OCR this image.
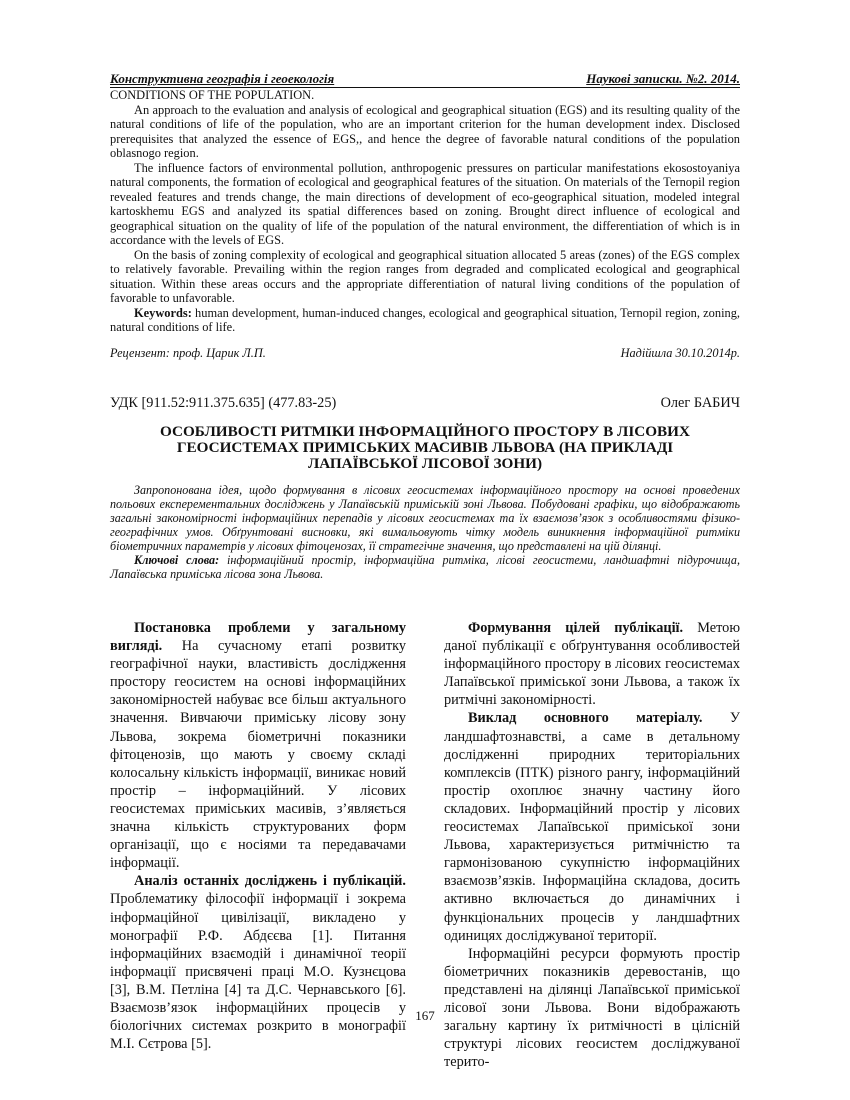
Конструктивна географія і геоекологія	Наукові записки. №2. 2014.

CONDITIONS OF THE POPULATION.

An approach to the evaluation and analysis of ecological and geographical situation (EGS) and its resulting quality of the natural conditions of life of the population, who are an important criterion for the human development index. Disclosed prerequisites that analyzed the essence of EGS,, and hence the degree of favorable natural conditions of the population oblasnogo region.

The influence factors of environmental pollution, anthropogenic pressures on particular manifestations ekosostoyaniya natural components, the formation of ecological and geographical features of the situation. On materials of the Ternopil region revealed features and trends change, the main directions of development of eco-geographical situation, modeled integral kartoskhemu EGS and analyzed its spatial differences based on zoning. Brought direct influence of ecological and geographical situation on the quality of life of the population of the natural environment, the differentiation of which is in accordance with the levels of EGS.

On the basis of zoning complexity of ecological and geographical situation allocated 5 areas (zones) of the EGS complex to relatively favorable. Prevailing within the region ranges from degraded and complicated ecological and geographical situation. Within these areas occurs and the appropriate differentiation of natural living conditions of the population of favorable to unfavorable.

Keywords: human development, human-induced changes, ecological and geographical situation, Ternopil region, zoning, natural conditions of life.

Рецензент: проф. Царик Л.П.	Надійшла 30.10.2014р.
УДК [911.52:911.375.635] (477.83-25)	Олег БАБИЧ
ОСОБЛИВОСТІ РИТМІКИ ІНФОРМАЦІЙНОГО ПРОСТОРУ В ЛІСОВИХ ГЕОСИСТЕМАХ ПРИМІСЬКИХ МАСИВІВ ЛЬВОВА (НА ПРИКЛАДІ ЛАПАЇВСЬКОЇ ЛІСОВОЇ ЗОНИ)

Запропонована ідея, щодо формування в лісових геосистемах інформаційного простору на основі проведених польових експерементальних досліджень у Лапаївській приміській зоні Львова. Побудовані графіки, що відображають загальні закономірності інформаційних перепадів у лісових геосистемах та їх взаємозв’язок з особливостями фізико-географічних умов. Обґрунтовані висновки, які вимальовують чітку модель виникнення інформаційної ритміки біометричних параметрів у лісових фітоценозах, її стратегічне значення, що представлені на цій ділянці.

Ключові слова: інформаційний простір, інформаційна ритміка, лісові геосистеми, ландшафтні підурочища, Лапаївська приміська лісова зона Львова.

Постановка проблеми у загальному вигляді. На сучасному етапі розвитку географічної науки, властивість дослідження простору геосистем на основі інформаційних закономірностей набуває все більш актуального значення. Вивчаючи приміську лісову зону Львова, зокрема біометричні показники фітоценозів, що мають у своєму складі колосальну кількість інформації, виникає новий простір – інформаційний. У лісових геосистемах приміських масивів, з’являється значна кількість структурованих форм організації, що є носіями та передавачами інформації.

Аналіз останніх досліджень і публікацій. Проблематику філософії інформації і зокрема інформаційної цивілізації, викладено у монографії Р.Ф. Абдєєва [1]. Питання інформаційних взаємодій і динамічної теорії інформації присвячені праці М.О. Кузнєцова [3], В.М. Петліна [4] та Д.С. Чернавського [6]. Взаємозв’язок інформаційних процесів у біологічних системах розкрито в монографії М.І. Сєтрова [5].

Формування цілей публікації. Метою даної публікації є обґрунтування особливостей інформаційного простору в лісових геосистемах Лапаївської приміської зони Львова, а також їх ритмічні закономірності.

Виклад основного матеріалу. У ландшафтознавстві, а саме в детальному дослідженні природних територіальних комплексів (ПТК) різного рангу, інформаційний простір охоплює значну частину його складових. Інформаційний простір у лісових геосистемах Лапаївської приміської зони Львова, характеризується ритмічністю та гармонізованою сукупністю інформаційних взаємозв’язків. Інформаційна складова, досить активно включається до динамічних і функціональних процесів у ландшафтних одиницях досліджуваної території.

Інформаційні ресурси формують простір біометричних показників деревостанів, що представлені на ділянці Лапаївської приміської лісової зони Львова. Вони відображають загальну картину їх ритмічності в цілісній структурі лісових геосистем досліджуваної терито-

167
